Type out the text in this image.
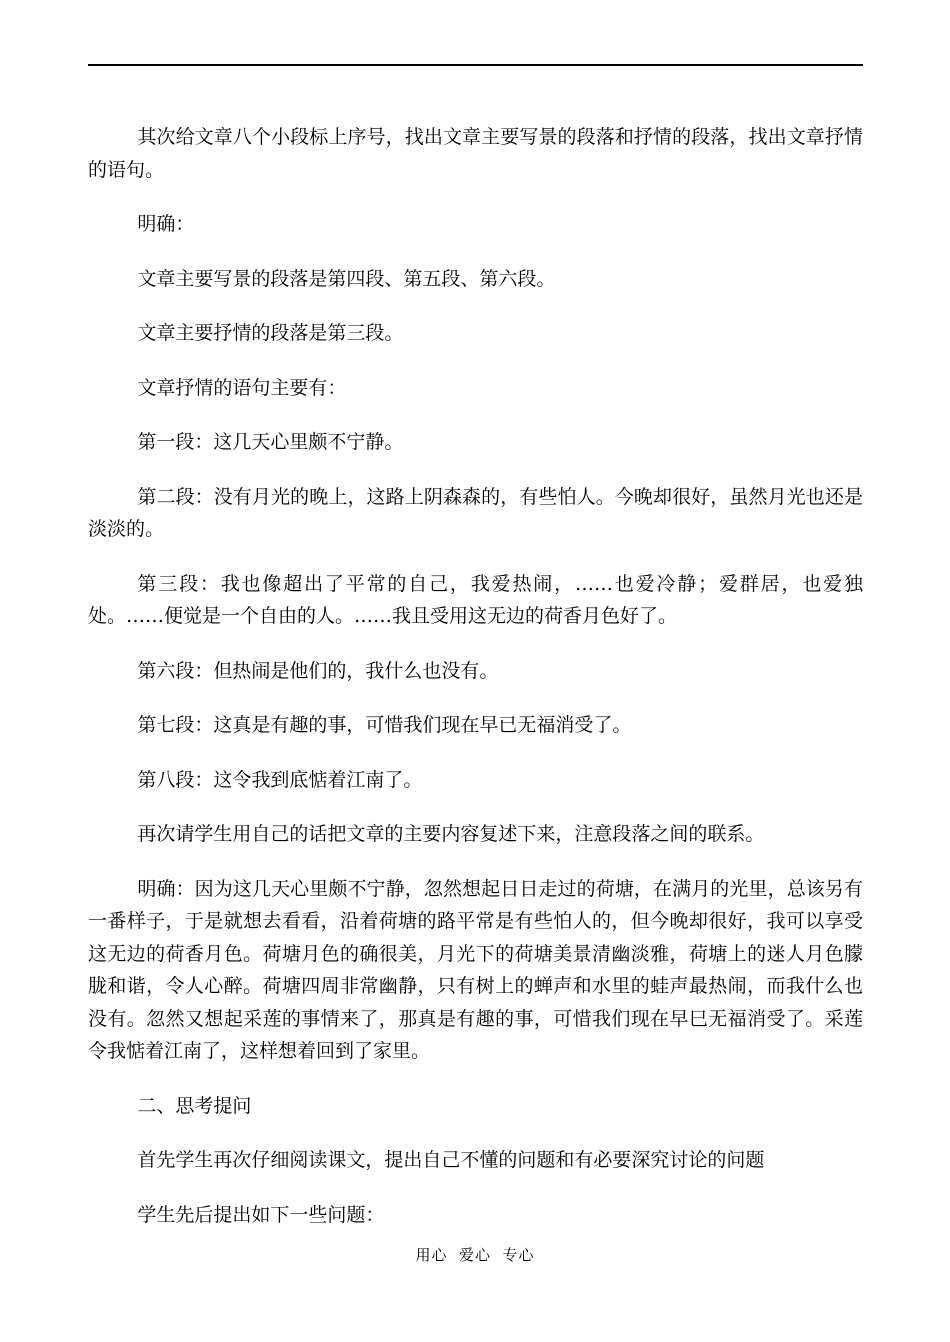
其次给文章八个小段标上序号，找出文章主要写景的段落和抒情的段落，找出文章抒情的语句。

明确：

文章主要写景的段落是第四段、第五段、第六段。

文章主要抒情的段落是第三段。

文章抒情的语句主要有：

第一段：这几天心里颇不宁静。

第二段：没有月光的晚上，这路上阴森森的，有些怕人。今晚却很好，虽然月光也还是淡淡的。

第三段：我也像超出了平常的自己，我爱热闹，……也爱冷静；爱群居，也爱独处。……便觉是一个自由的人。……我且受用这无边的荷香月色好了。

第六段：但热闹是他们的，我什么也没有。

第七段：这真是有趣的事，可惜我们现在早已无福消受了。

第八段：这令我到底惦着江南了。

再次请学生用自己的话把文章的主要内容复述下来，注意段落之间的联系。

明确：因为这几天心里颇不宁静，忽然想起日日走过的荷塘，在满月的光里，总该另有一番样子，于是就想去看看，沿着荷塘的路平常是有些怕人的，但今晚却很好，我可以享受这无边的荷香月色。荷塘月色的确很美，月光下的荷塘美景清幽淡雅，荷塘上的迷人月色朦胧和谐，令人心醉。荷塘四周非常幽静，只有树上的蝉声和水里的蛙声最热闹，而我什么也没有。忽然又想起采莲的事情来了，那真是有趣的事，可惜我们现在早巳无福消受了。采莲令我惦着江南了，这样想着回到了家里。

二、思考提问

首先学生再次仔细阅读课文，提出自己不懂的问题和有必要深究讨论的问题

学生先后提出如下一些问题：

用心  爱心  专心
